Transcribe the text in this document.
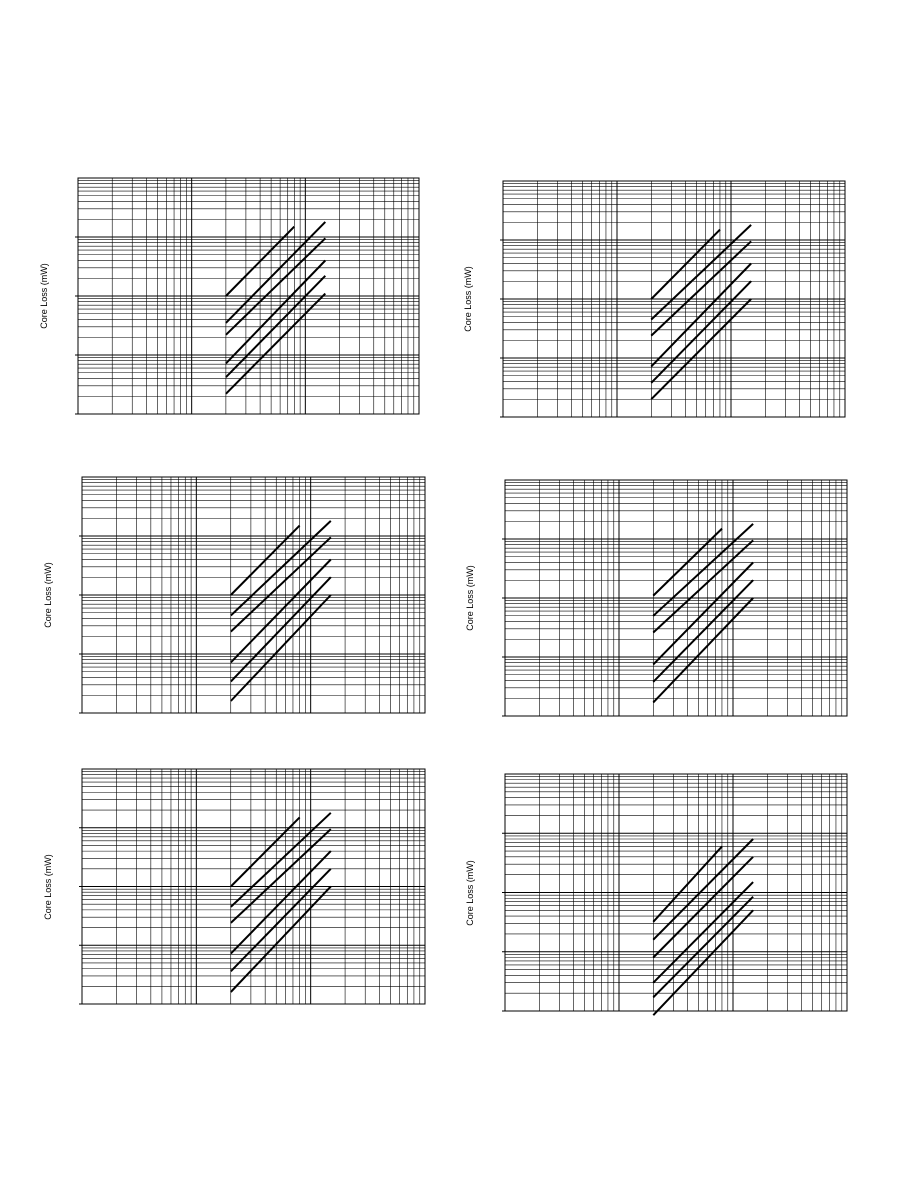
Core Loss (mW)	Core Loss (mW)
Core Loss (mW)	Core Loss (mW)
Core Loss (mW)	Core Loss (mW)
